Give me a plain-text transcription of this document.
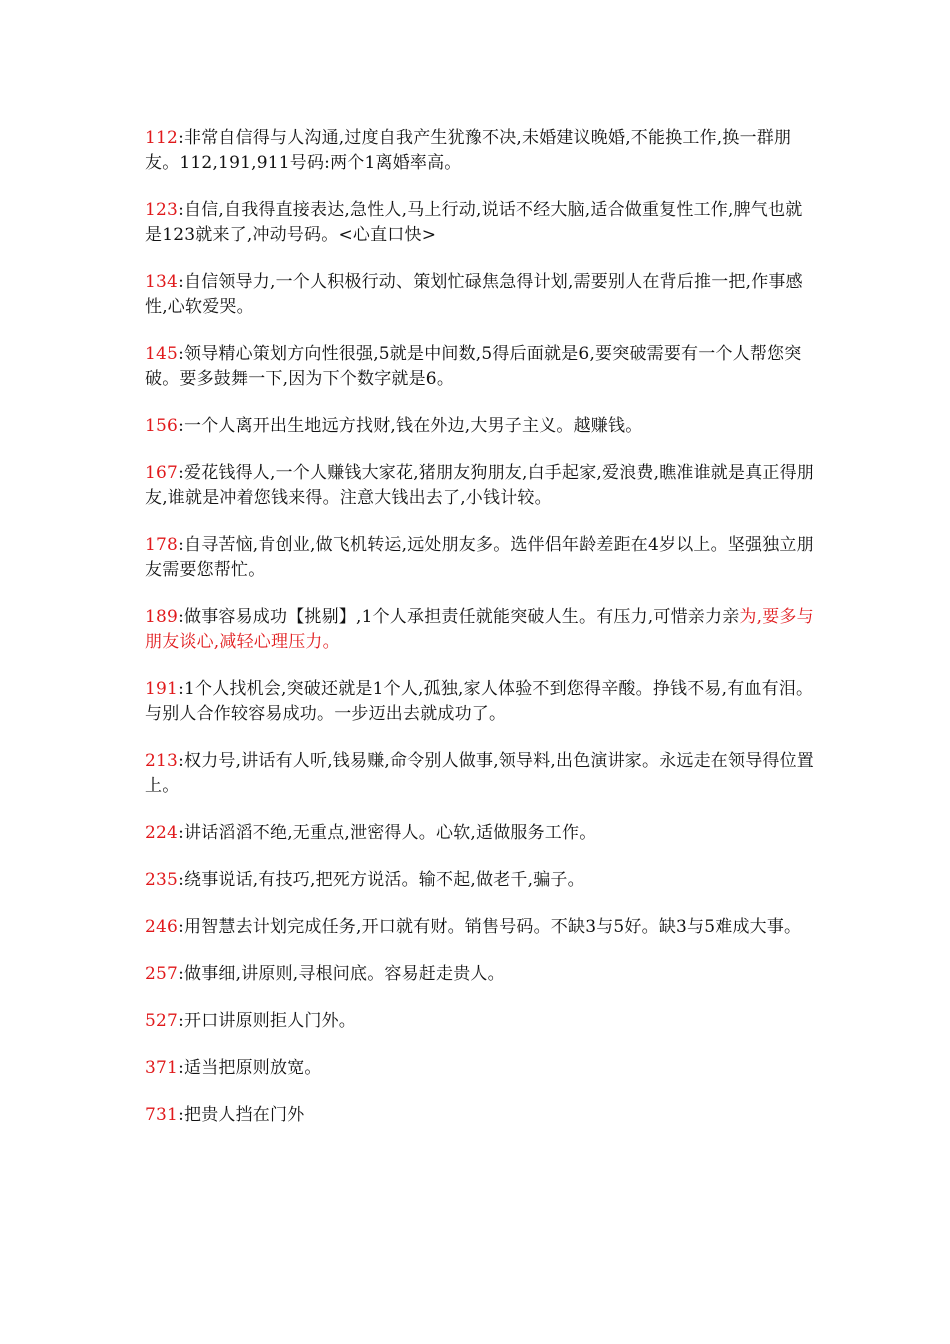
112:非常自信得与人沟通,过度自我产生犹豫不决,未婚建议晚婚,不能换工作,换一群朋友。112,191,911号码:两个1离婚率高。

123:自信,自我得直接表达,急性人,马上行动,说话不经大脑,适合做重复性工作,脾气也就是123就来了,冲动号码。<心直口快>

134:自信领导力,一个人积极行动、策划忙碌焦急得计划,需要别人在背后推一把,作事感性,心软爱哭。

145:领导精心策划方向性很强,5就是中间数,5得后面就是6,要突破需要有一个人帮您突破。要多鼓舞一下,因为下个数字就是6。

156:一个人离开出生地远方找财,钱在外边,大男子主义。越赚钱。

167:爱花钱得人,一个人赚钱大家花,猪朋友狗朋友,白手起家,爱浪费,瞧准谁就是真正得朋友,谁就是冲着您钱来得。注意大钱出去了,小钱计较。

178:自寻苦恼,肯创业,做飞机转运,远处朋友多。选伴侣年龄差距在4岁以上。坚强独立朋友需要您帮忙。

189:做事容易成功【挑剔】,1个人承担责任就能突破人生。有压力,可惜亲力亲为,要多与朋友谈心,减轻心理压力。

191:1个人找机会,突破还就是1个人,孤独,家人体验不到您得辛酸。挣钱不易,有血有泪。与别人合作较容易成功。一步迈出去就成功了。

213:权力号,讲话有人听,钱易赚,命令别人做事,领导料,出色演讲家。永远走在领导得位置上。

224:讲话滔滔不绝,无重点,泄密得人。心软,适做服务工作。

235:绕事说话,有技巧,把死方说活。输不起,做老千,骗子。

246:用智慧去计划完成任务,开口就有财。销售号码。不缺3与5好。缺3与5难成大事。

257:做事细,讲原则,寻根问底。容易赶走贵人。

527:开口讲原则拒人门外。

371:适当把原则放宽。

731:把贵人挡在门外
